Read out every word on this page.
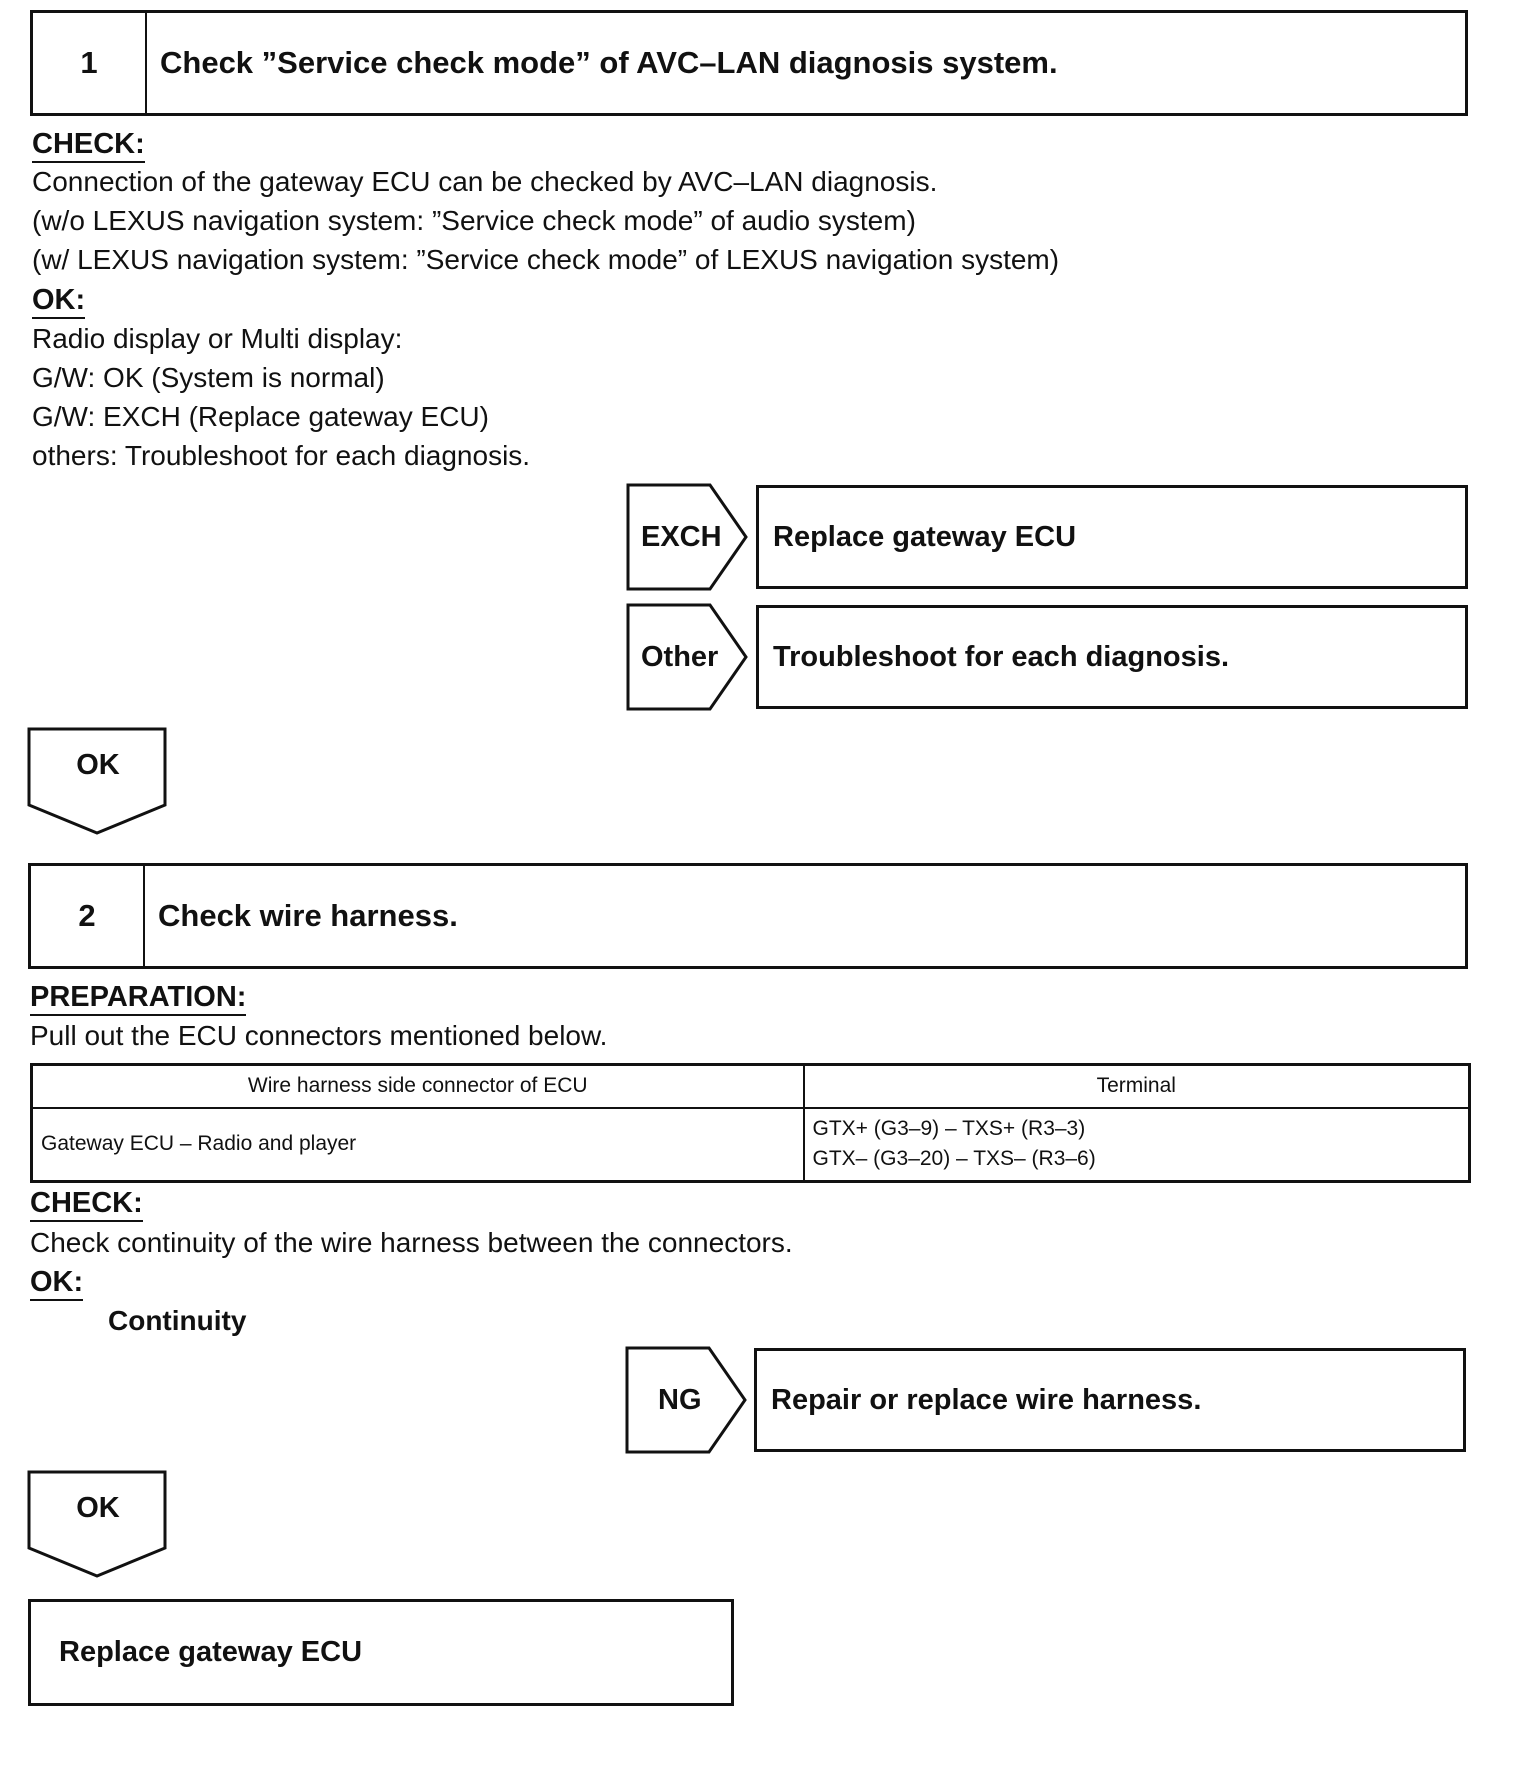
1	Check ”Service check mode” of AVC–LAN diagnosis system.
CHECK:
Connection of the gateway ECU can be checked by AVC–LAN diagnosis.
(w/o LEXUS navigation system: ”Service check mode” of audio system)
(w/ LEXUS navigation system: ”Service check mode” of LEXUS navigation system)
OK:
Radio display or Multi display:
G/W: OK (System is normal)
G/W: EXCH (Replace gateway ECU)
others: Troubleshoot for each diagnosis.
EXCH Replace gateway ECU
Other Troubleshoot for each diagnosis.
OK
2	Check wire harness.
PREPARATION:
Pull out the ECU connectors mentioned below.
Wire harness side connector of ECU	Terminal
Gateway ECU – Radio and player	GTX+ (G3–9) – TXS+ (R3–3)
GTX– (G3–20) – TXS– (R3–6)
CHECK:
Check continuity of the wire harness between the connectors.
OK:
Continuity
NG Repair or replace wire harness.
OK
Replace gateway ECU
